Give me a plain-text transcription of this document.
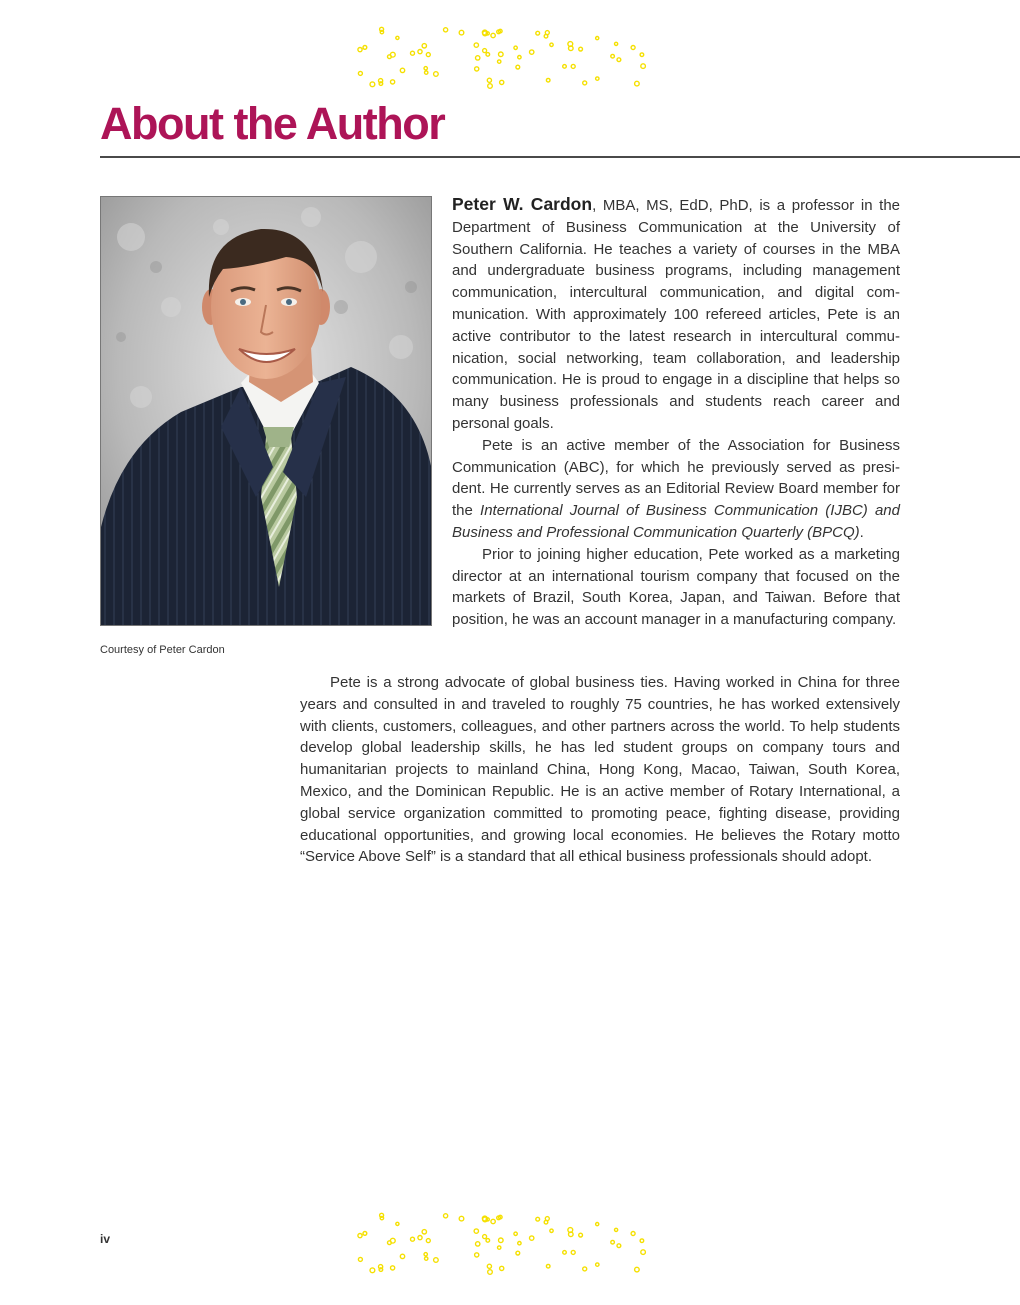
About the Author
Courtesy of Peter Cardon

Peter W. Cardon, MBA, MS, EdD, PhD, is a professor in the Department of Business Communication at the University of Southern California. He teaches a variety of courses in the MBA and undergraduate business programs, including management communication, intercultural communication, and digital communication. With approximately 100 refereed articles, Pete is an active contributor to the latest research in intercultural communication, social networking, team collaboration, and leadership communication. He is proud to engage in a discipline that helps so many business professionals and students reach career and personal goals.

Pete is an active member of the Association for Business Communication (ABC), for which he previously served as president. He currently serves as an Editorial Review Board member for the International Journal of Business Communication (IJBC) and Business and Professional Communication Quarterly (BPCQ).

Prior to joining higher education, Pete worked as a marketing director at an international tourism company that focused on the markets of Brazil, South Korea, Japan, and Taiwan. Before that position, he was an account manager in a manufacturing company.

Pete is a strong advocate of global business ties. Having worked in China for three years and consulted in and traveled to roughly 75 countries, he has worked extensively with clients, customers, colleagues, and other partners across the world. To help students develop global leadership skills, he has led student groups on company tours and humanitarian projects to mainland China, Hong Kong, Macao, Taiwan, South Korea, Mexico, and the Dominican Republic. He is an active member of Rotary International, a global service organization committed to promoting peace, fighting disease, providing educational opportunities, and growing local economies. He believes the Rotary motto “Service Above Self” is a standard that all ethical business professionals should adopt.

iv
